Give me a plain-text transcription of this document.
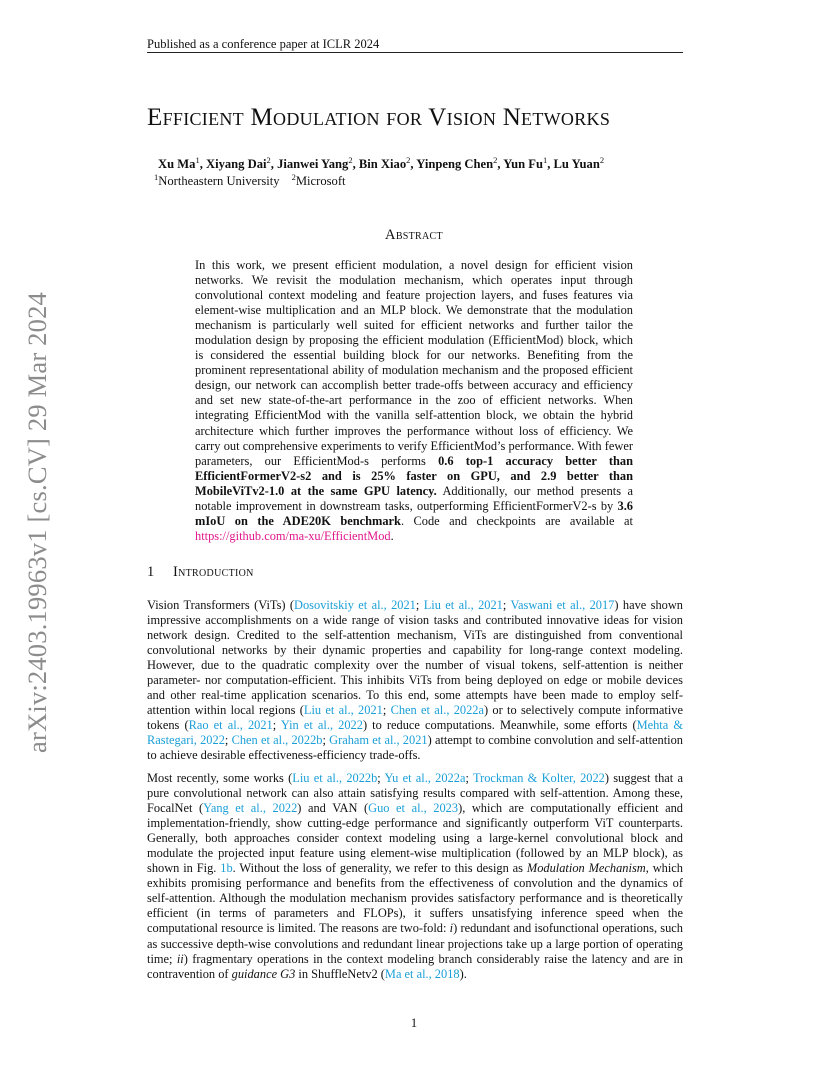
arXiv:2403.19963v1 [cs.CV] 29 Mar 2024
Published as a conference paper at ICLR 2024
Efficient Modulation for Vision Networks
Xu Ma$^1$, Xiyang Dai$^2$, Jianwei Yang$^2$, Bin Xiao$^2$, Yinpeng Chen$^2$, Yun Fu$^1$, Lu Yuan$^2$
$^1$Northeastern University $^2$Microsoft
Abstract

In this work, we present efficient modulation, a novel design for efficient vision networks. We revisit the modulation mechanism, which operates input through convolutional context modeling and feature projection layers, and fuses features via element-wise multiplication and an MLP block. We demonstrate that the modulation mechanism is particularly well suited for efficient networks and further tailor the modulation design by proposing the efficient modulation (EfficientMod) block, which is considered the essential building block for our networks. Benefiting from the prominent representational ability of modulation mechanism and the proposed efficient design, our network can accomplish better trade-offs between accuracy and efficiency and set new state-of-the-art performance in the zoo of efficient networks. When integrating EfficientMod with the vanilla self-attention block, we obtain the hybrid architecture which further improves the performance without loss of efficiency. We carry out comprehensive experiments to verify EfficientMod’s performance. With fewer parameters, our EfficientMod-s performs 0.6 top-1 accuracy better than EfficientFormerV2-s2 and is 25% faster on GPU, and 2.9 better than MobileViTv2-1.0 at the same GPU latency. Additionally, our method presents a notable improvement in downstream tasks, outperforming EfficientFormerV2-s by 3.6 mIoU on the ADE20K benchmark. Code and checkpoints are available at https://github.com/ma-xu/EfficientMod.

1 Introduction

Vision Transformers (ViTs) (Dosovitskiy et al., 2021; Liu et al., 2021; Vaswani et al., 2017) have shown impressive accomplishments on a wide range of vision tasks and contributed innovative ideas for vision network design. Credited to the self-attention mechanism, ViTs are distinguished from conventional convolutional networks by their dynamic properties and capability for long-range context modeling. However, due to the quadratic complexity over the number of visual tokens, self-attention is neither parameter- nor computation-efficient. This inhibits ViTs from being deployed on edge or mobile devices and other real-time application scenarios. To this end, some attempts have been made to employ self-attention within local regions (Liu et al., 2021; Chen et al., 2022a) or to selectively compute informative tokens (Rao et al., 2021; Yin et al., 2022) to reduce computations. Meanwhile, some efforts (Mehta & Rastegari, 2022; Chen et al., 2022b; Graham et al., 2021) attempt to combine convolution and self-attention to achieve desirable effectiveness-efficiency trade-offs.

Most recently, some works (Liu et al., 2022b; Yu et al., 2022a; Trockman & Kolter, 2022) suggest that a pure convolutional network can also attain satisfying results compared with self-attention. Among these, FocalNet (Yang et al., 2022) and VAN (Guo et al., 2023), which are computationally efficient and implementation-friendly, show cutting-edge performance and significantly outperform ViT counterparts. Generally, both approaches consider context modeling using a large-kernel convolutional block and modulate the projected input feature using element-wise multiplication (followed by an MLP block), as shown in Fig. 1b. Without the loss of generality, we refer to this design as Modulation Mechanism, which exhibits promising performance and benefits from the effectiveness of convolution and the dynamics of self-attention. Although the modulation mechanism provides satisfactory performance and is theoretically efficient (in terms of parameters and FLOPs), it suffers unsatisfying inference speed when the computational resource is limited. The reasons are two-fold: i) redundant and isofunctional operations, such as successive depth-wise convolutions and redundant linear projections take up a large portion of operating time; ii) fragmentary operations in the context modeling branch considerably raise the latency and are in contravention of guidance G3 in ShuffleNetv2 (Ma et al., 2018).

1
